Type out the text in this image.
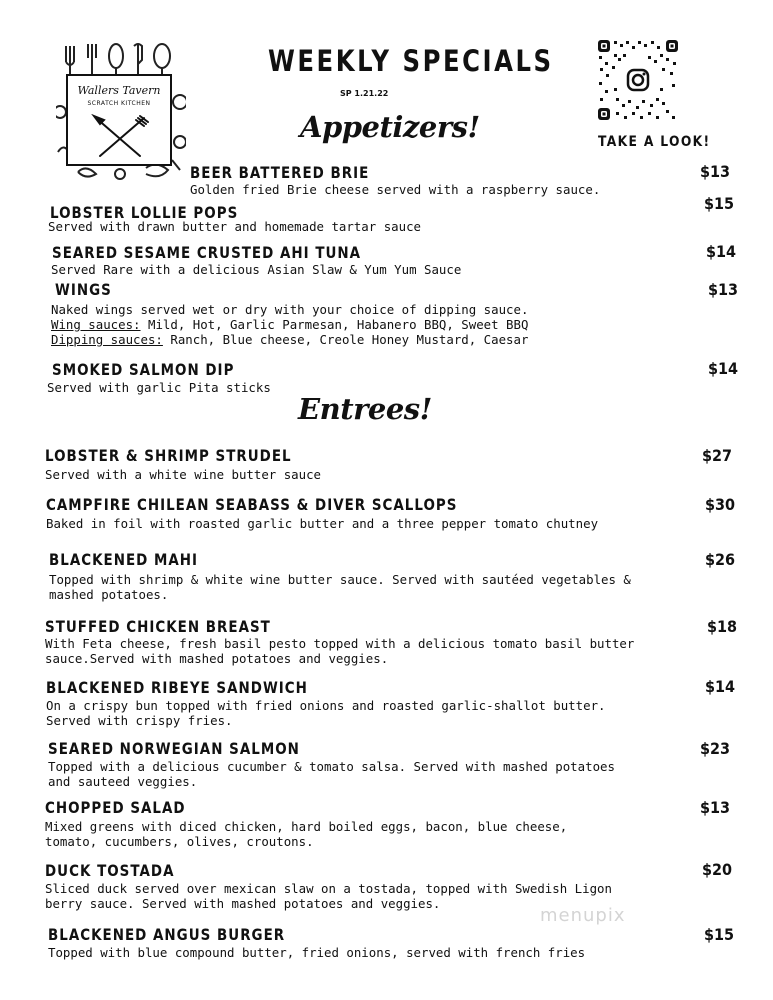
Wallers Tavern
SCRATCH KITCHEN
WEEKLY SPECIALS
SP 1.21.22
TAKE A LOOK!
Appetizers!
Entrees!
BEER BATTERED BRIE	$13
Golden fried Brie cheese served with a raspberry sauce.
LOBSTER LOLLIE POPS	$15
Served with drawn butter and homemade tartar sauce
SEARED SESAME CRUSTED AHI TUNA	$14
Served Rare with a delicious Asian Slaw & Yum Yum Sauce
WINGS	$13
Naked wings served wet or dry with your choice of dipping sauce.
Wing sauces: Mild, Hot, Garlic Parmesan, Habanero BBQ, Sweet BBQ
Dipping sauces: Ranch, Blue cheese, Creole Honey Mustard, Caesar
SMOKED SALMON DIP	$14
Served with garlic Pita sticks
LOBSTER & SHRIMP STRUDEL	$27
Served with a white wine butter sauce
CAMPFIRE CHILEAN SEABASS & DIVER SCALLOPS	$30
Baked in foil with roasted garlic butter and a three pepper tomato chutney
BLACKENED MAHI	$26
Topped with shrimp & white wine butter sauce. Served with sautéed vegetables &
mashed potatoes.
STUFFED CHICKEN BREAST	$18
With Feta cheese, fresh basil pesto topped with a delicious tomato basil butter
sauce.Served with mashed potatoes and veggies.
BLACKENED RIBEYE SANDWICH	$14
On a crispy bun topped with fried onions and roasted garlic-shallot butter.
Served with crispy fries.
SEARED NORWEGIAN SALMON	$23
Topped with a delicious cucumber & tomato salsa. Served with mashed potatoes
and sauteed veggies.
CHOPPED SALAD	$13
Mixed greens with diced chicken, hard boiled eggs, bacon, blue cheese,
tomato, cucumbers, olives, croutons.
DUCK TOSTADA	$20
Sliced duck served over mexican slaw on a tostada, topped with Swedish Ligon
berry sauce. Served with mashed potatoes and veggies.
BLACKENED ANGUS BURGER	$15
Topped with blue compound butter, fried onions, served with french fries
menupix
